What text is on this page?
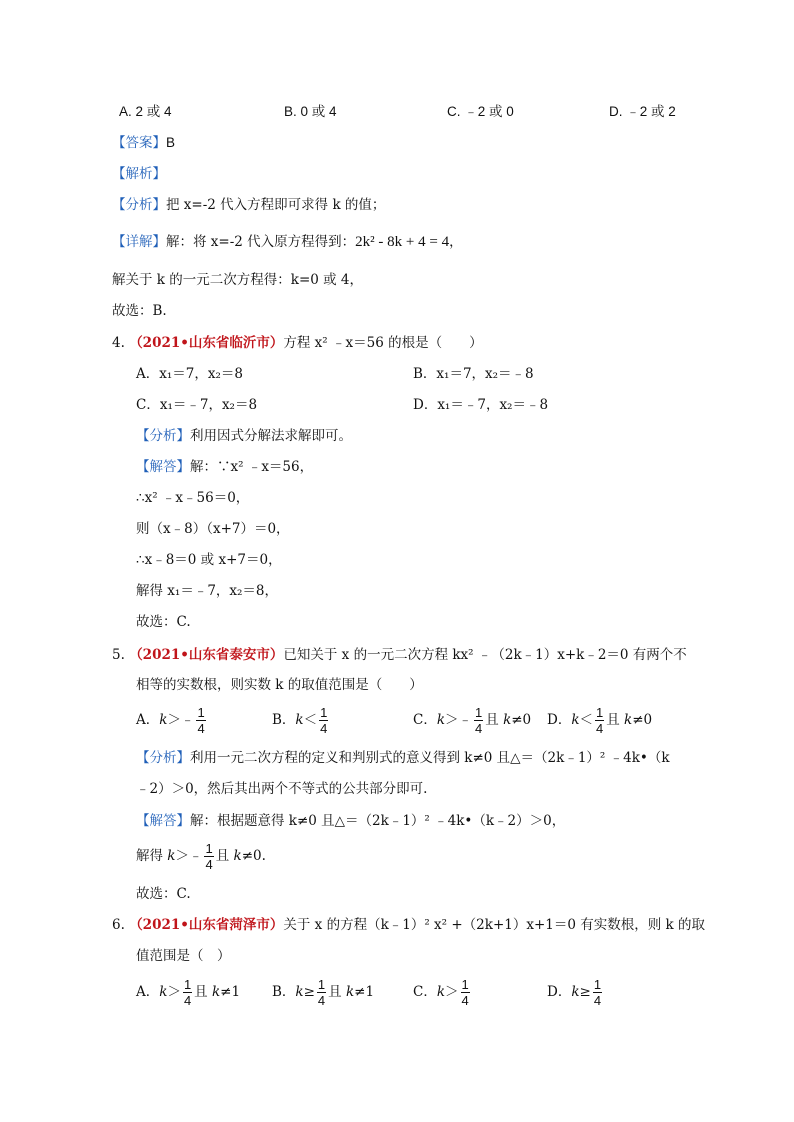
A. 2 或 4	B. 0 或 4	C. ﹣2 或 0	D. ﹣2 或 2
【答案】B
【解析】
【分析】把 x=-2 代入方程即可求得 k 的值；
【详解】解：将 x=-2 代入原方程得到：2k² - 8k + 4 = 4，
解关于 k 的一元二次方程得：k=0 或 4，
故选：B.
4. （2021•山东省临沂市）方程 x² ﹣x＝56 的根是（　　）
A．x₁＝7，x₂＝8	B．x₁＝7，x₂＝﹣8
C．x₁＝﹣7，x₂＝8	D．x₁＝﹣7，x₂＝﹣8
【分析】利用因式分解法求解即可。
【解答】解：∵x² ﹣x＝56，
∴x² ﹣x﹣56＝0，
则（x﹣8）（x+7）＝0，
∴x﹣8＝0 或 x+7＝0，
解得 x₁＝﹣7，x₂＝8，
故选：C.
5. （2021•山东省泰安市）已知关于 x 的一元二次方程 kx² ﹣（2k﹣1）x+k﹣2＝0 有两个不
相等的实数根，则实数 k 的取值范围是（　　）
A．k＞﹣ $\frac{1}{4}$	B．$k< \frac{1}{4}$	C．k＞﹣ $\frac{1}{4}$ 且 k≠0 D．$k< \frac{1}{4}$ 且 k≠0
【分析】利用一元二次方程的定义和判别式的意义得到 k≠0 且△＝（2k﹣1）² ﹣4k•（k
﹣2）＞0，然后其出两个不等式的公共部分即可.
【解答】解：根据题意得 k≠0 且△＝（2k﹣1）² ﹣4k•（k﹣2）＞0，
解得 k＞﹣ $\frac{1}{4}$ 且 k≠0.
故选：C.
6. （2021•山东省菏泽市）关于 x 的方程（k﹣1）² x² +（2k+1）x+1＝0 有实数根，则 k 的取
值范围是（　）
A．$k> \frac{1}{4}$ 且 k≠1 B．$k\ge \frac{1}{4}$ 且 k≠1	C．$k> \frac{1}{4}$	D．$k\ge \frac{1}{4}$
